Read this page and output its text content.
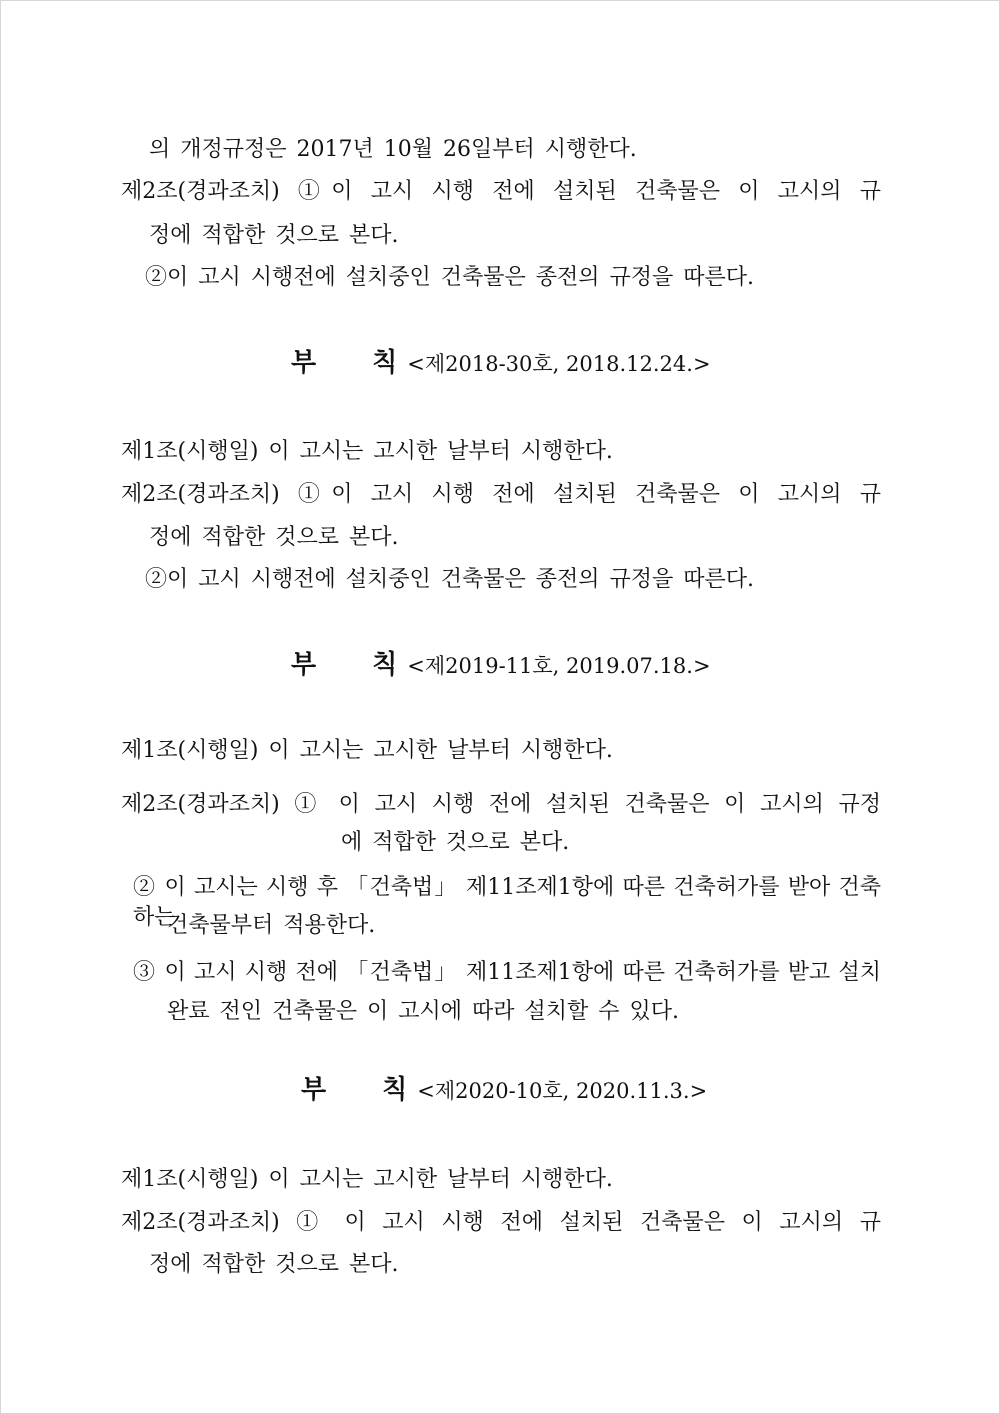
의 개정규정은 2017년 10월 26일부터 시행한다.
제2조(경과조치) ①이 고시 시행 전에 설치된 건축물은 이 고시의 규
정에 적합한 것으로 본다.
②이 고시 시행전에 설치중인 건축물은 종전의 규정을 따른다.
부 칙 <제2018-30호, 2018.12.24.>
제1조(시행일) 이 고시는 고시한 날부터 시행한다.
제2조(경과조치) ①이 고시 시행 전에 설치된 건축물은 이 고시의 규
정에 적합한 것으로 본다.
②이 고시 시행전에 설치중인 건축물은 종전의 규정을 따른다.
부 칙 <제2019-11호, 2019.07.18.>
제1조(시행일) 이 고시는 고시한 날부터 시행한다.
제2조(경과조치) ① 이 고시 시행 전에 설치된 건축물은 이 고시의 규정
에 적합한 것으로 본다.
② 이 고시는 시행 후 「건축법」 제11조제1항에 따른 건축허가를 받아 건축하는
건축물부터 적용한다.
③ 이 고시 시행 전에 「건축법」 제11조제1항에 따른 건축허가를 받고 설치
완료 전인 건축물은 이 고시에 따라 설치할 수 있다.
부 칙 <제2020-10호, 2020.11.3.>
제1조(시행일) 이 고시는 고시한 날부터 시행한다.
제2조(경과조치) ① 이 고시 시행 전에 설치된 건축물은 이 고시의 규
정에 적합한 것으로 본다.
